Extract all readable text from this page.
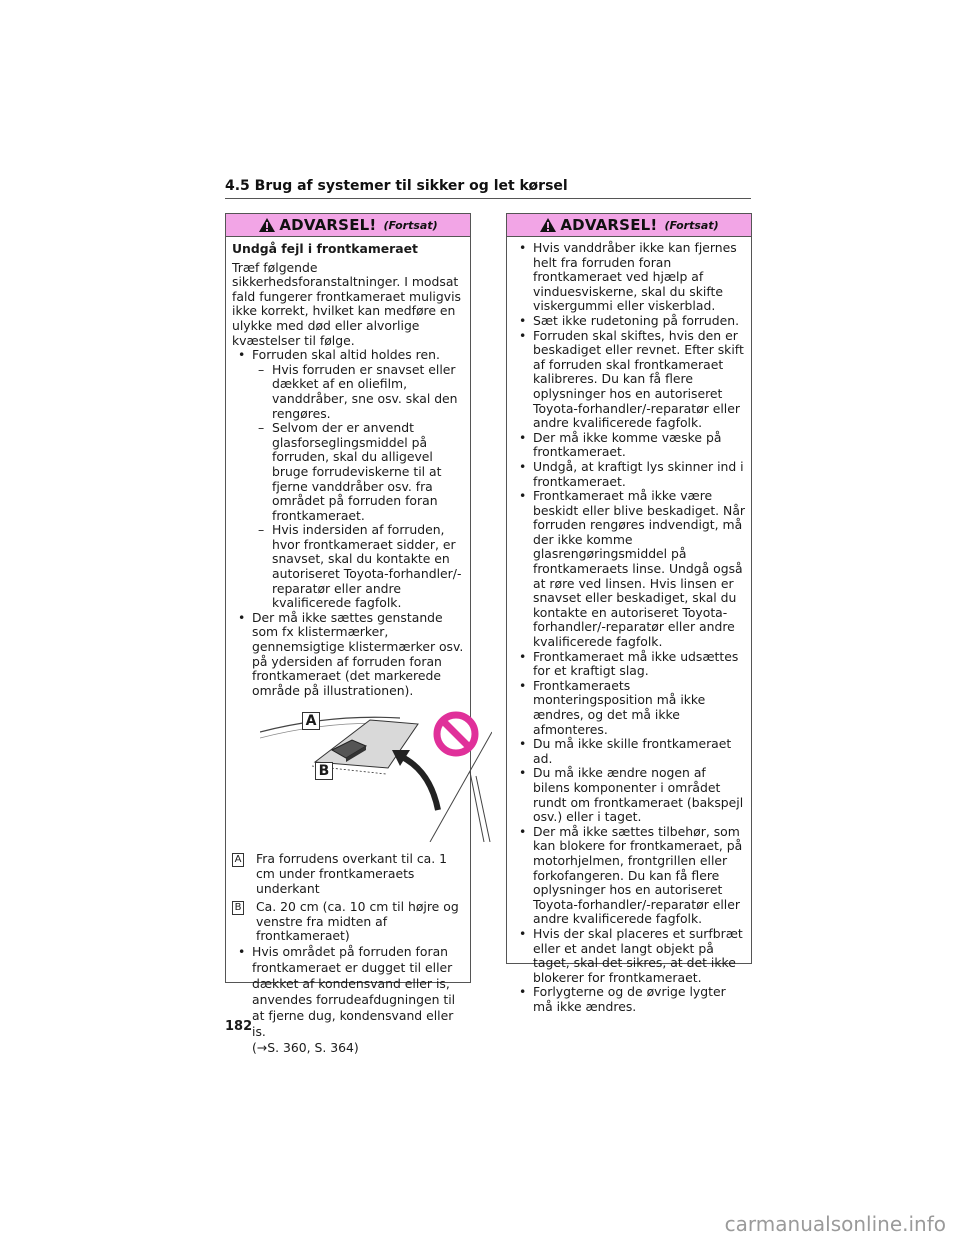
4.5 Brug af systemer til sikker og let kørsel
ADVARSEL! (Fortsat)

Undgå fejl i frontkameraet

Træf følgende sikkerhedsforanstaltninger. I modsat fald fungerer frontkameraet muligvis ikke korrekt, hvilket kan medføre en ulykke med død eller alvorlige kvæstelser til følge.

• Forruden skal altid holdes ren.

– Hvis forruden er snavset eller dækket af en oliefilm, vanddråber, sne osv. skal den rengøres.

– Selvom der er anvendt glasforseglingsmiddel på forruden, skal du alligevel bruge forrudeviskerne til at fjerne vanddråber osv. fra området på forruden foran frontkameraet.

– Hvis indersiden af forruden, hvor frontkameraet sidder, er snavset, skal du kontakte en autoriseret Toyota-forhandler/-reparatør eller andre kvalificerede fagfolk.

• Der må ikke sættes genstande som fx klistermærker, gennemsigtige klistermærker osv. på ydersiden af forruden foran frontkameraet (det markerede område på illustrationen).

A
B

A Fra forrudens overkant til ca. 1 cm under frontkameraets underkant

B Ca. 20 cm (ca. 10 cm til højre og venstre fra midten af frontkameraet)

• Hvis området på forruden foran frontkameraet er dugget til eller dækket af kondensvand eller is, anvendes forrudeafdugningen til at fjerne dug, kondensvand eller is.

(→S. 360, S. 364)

ADVARSEL! (Fortsat)

• Hvis vanddråber ikke kan fjernes helt fra forruden foran frontkameraet ved hjælp af vinduesviskerne, skal du skifte viskergummi eller viskerblad.

• Sæt ikke rudetoning på forruden.

• Forruden skal skiftes, hvis den er beskadiget eller revnet. Efter skift af forruden skal frontkameraet kalibreres. Du kan få flere oplysninger hos en autoriseret Toyota-forhandler/-reparatør eller andre kvalificerede fagfolk.

• Der må ikke komme væske på frontkameraet.

• Undgå, at kraftigt lys skinner ind i frontkameraet.

• Frontkameraet må ikke være beskidt eller blive beskadiget. Når forruden rengøres indvendigt, må der ikke komme glasrengøringsmiddel på frontkameraets linse. Undgå også at røre ved linsen. Hvis linsen er snavset eller beskadiget, skal du kontakte en autoriseret Toyota-forhandler/-reparatør eller andre kvalificerede fagfolk.

• Frontkameraet må ikke udsættes for et kraftigt slag.

• Frontkameraets monteringsposition må ikke ændres, og det må ikke afmonteres.

• Du må ikke skille frontkameraet ad.

• Du må ikke ændre nogen af bilens komponenter i området rundt om frontkameraet (bakspejl osv.) eller i taget.

• Der må ikke sættes tilbehør, som kan blokere for frontkameraet, på motorhjelmen, frontgrillen eller forkofangeren. Du kan få flere oplysninger hos en autoriseret Toyota-forhandler/-reparatør eller andre kvalificerede fagfolk.

• Hvis der skal placeres et surfbræt eller et andet langt objekt på taget, skal det sikres, at det ikke blokerer for frontkameraet.

• Forlygterne og de øvrige lygter må ikke ændres.

182
carmanualsonline.info
